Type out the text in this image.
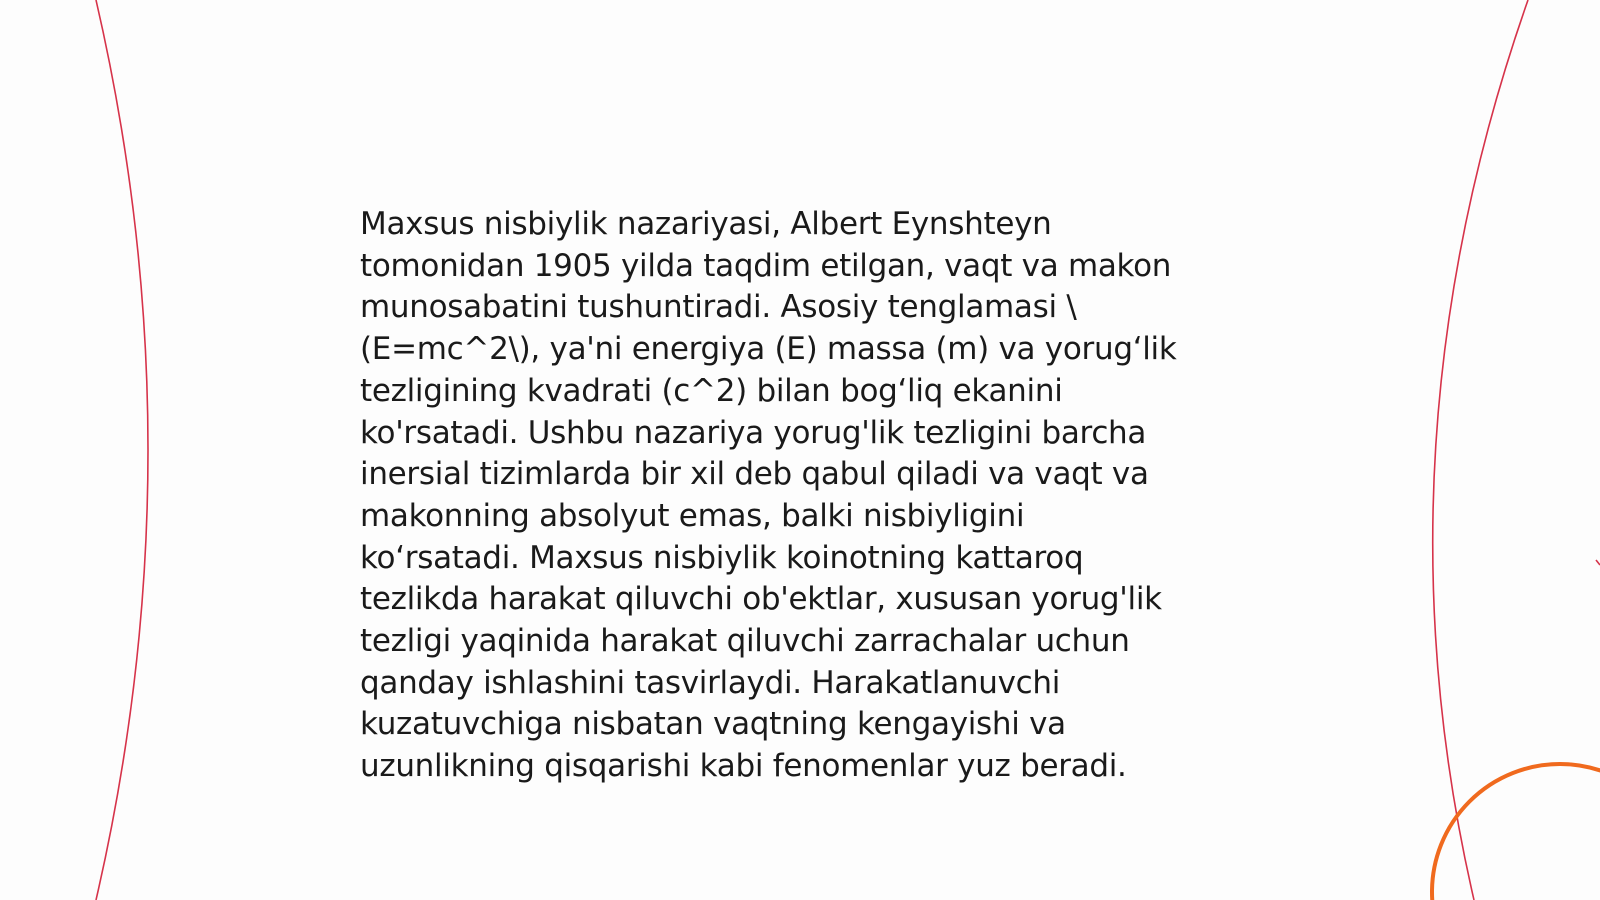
Maxsus nisbiylik nazariyasi, Albert Eynshteyn
tomonidan 1905 yilda taqdim etilgan, vaqt va makon
munosabatini tushuntiradi. Asosiy tenglamasi \
(E=mc^2\), ya'ni energiya (E) massa (m) va yorug‘lik
tezligining kvadrati (c^2) bilan bog‘liq ekanini
ko'rsatadi. Ushbu nazariya yorug'lik tezligini barcha
inersial tizimlarda bir xil deb qabul qiladi va vaqt va
makonning absolyut emas, balki nisbiyligini
ko‘rsatadi. Maxsus nisbiylik koinotning kattaroq
tezlikda harakat qiluvchi ob'ektlar, xususan yorug'lik
tezligi yaqinida harakat qiluvchi zarrachalar uchun
qanday ishlashini tasvirlaydi. Harakatlanuvchi
kuzatuvchiga nisbatan vaqtning kengayishi va
uzunlikning qisqarishi kabi fenomenlar yuz beradi.
